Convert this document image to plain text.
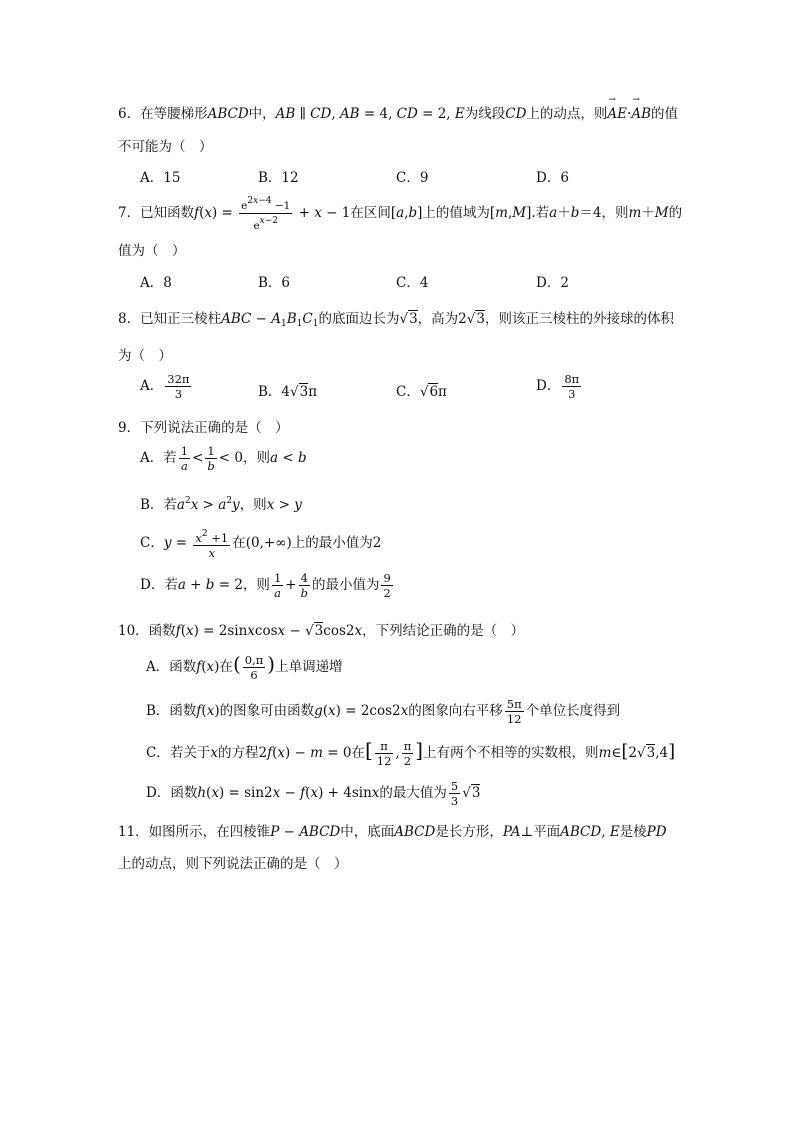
6．在等腰梯形ABCD中，AB ∥ CD, AB = 4, CD = 2, E为线段CD上的动点，则→ AE·→ AB的值
不可能为（　）
A．15	B．12	C．9	D．6
7．已知函数$f(x) = \frac{e2x-4 -1}{ex-2} + x - 1$在区间[a,b]上的值域为[m,M].若a＋b＝4，则m＋M的
值为（　）
A．8	B．6	C．4	D．2
8．已知正三棱柱ABC − $A_1B_1C_1$的底面边长为√3，高为2√3，则该正三棱柱的外接球的体积
为（　）
A． $\frac{32\pi}{3}$	B．4√3π	C．√6π	D． $\frac{8\pi}{3}$
9．下列说法正确的是（　）
A．若 $\frac{1}{a} < \frac{1}{b} < 0$，则a < b
B．若$a^2x > a^2y$，则x > y
C．$y = \frac{x^2 +1}{x}$ 在(0,+∞)上的最小值为2
D．若a + b = 2，则 $\frac{1}{a} + \frac{4}{b}$ 的最小值为 $\frac{9}{2}$
10．函数f(x) = 2sinxcosx − √3cos2x，下列结论正确的是（　）
A．函数f(x)在( $\frac{0,\pi}{6}$ )上单调递增
B．函数f(x)的图象可由函数g(x) = 2cos2x的图象向右平移 $\frac{5\pi}{12}$ 个单位长度得到
C．若关于x的方程2f(x) − m = 0在[ $\frac{\pi}{12}$ , $\frac{\pi}{2}$ ]上有两个不相等的实数根，则m∈[2√3,4]
D．函数h(x) = sin2x − f(x) + 4sinx的最大值为 $\frac{5}{3} √3$
11．如图所示，在四棱锥P − ABCD中，底面ABCD是长方形，PA⊥平面ABCD, E是棱PD
上的动点，则下列说法正确的是（　）
